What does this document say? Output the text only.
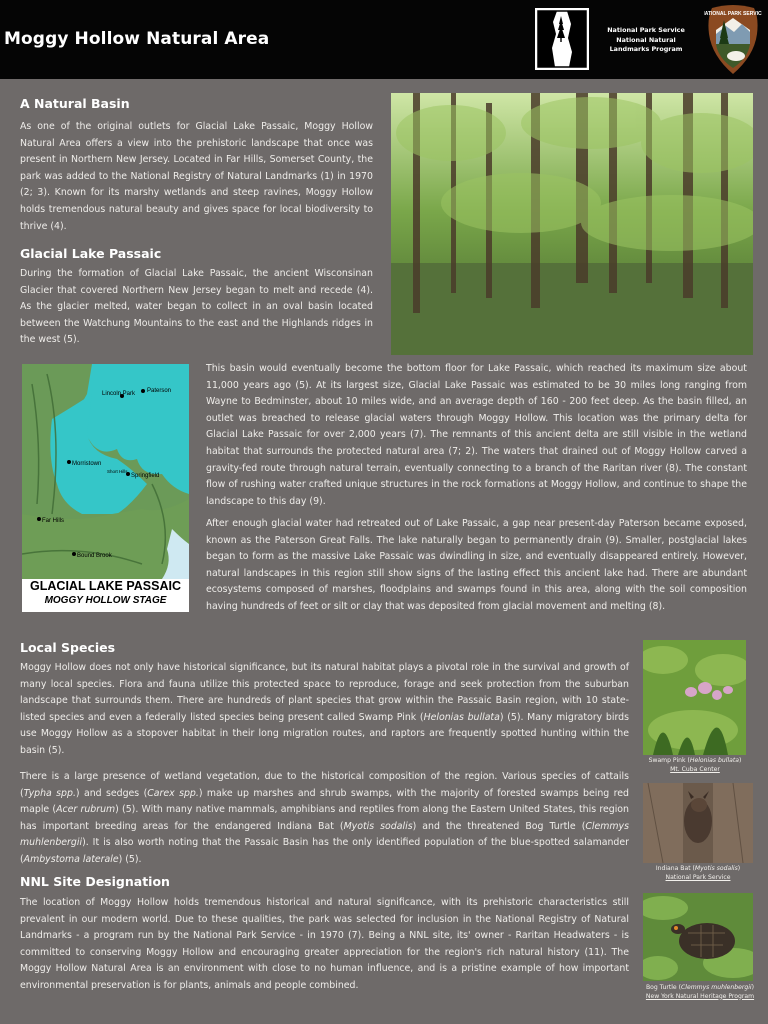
Moggy Hollow Natural Area	National Park Service
National Natural
Landmarks Program
NATIONAL PARK SERVICE
A Natural Basin

As one of the original outlets for Glacial Lake Passaic, Moggy Hollow Natural Area offers a view into the prehistoric landscape that once was present in Northern New Jersey. Located in Far Hills, Somerset County, the park was added to the National Registry of Natural Landmarks (1) in 1970 (2; 3). Known for its marshy wetlands and steep ravines, Moggy Hollow holds tremendous natural beauty and gives space for local biodiversity to thrive (4).

Glacial Lake Passaic

During the formation of Glacial Lake Passaic, the ancient Wisconsinan Glacier that covered Northern New Jersey began to melt and recede (4). As the glacier melted, water began to collect in an oval basin located between the Watchung Mountains to the east and the Highlands ridges in the west (5).

Paterson
Lincoln Park
Morristown
Springfield
Far Hills
Bound Brook
Short Hills
GLACIAL LAKE PASSAIC
MOGGY HOLLOW STAGE

This basin would eventually become the bottom floor for Lake Passaic, which reached its maximum size about 11,000 years ago (5). At its largest size, Glacial Lake Passaic was estimated to be 30 miles long ranging from Wayne to Bedminster, about 10 miles wide, and an average depth of 160 - 200 feet deep. As the basin filled, an outlet was breached to release glacial waters through Moggy Hollow. This location was the primary delta for Glacial Lake Passaic for over 2,000 years (7). The remnants of this ancient delta are still visible in the wetland habitat that surrounds the protected natural area (7; 2). The waters that drained out of Moggy Hollow carved a gravity-fed route through natural terrain, eventually connecting to a branch of the Raritan river (8). The constant flow of rushing water crafted unique structures in the rock formations at Moggy Hollow, and continue to shape the landscape to this day (9).

After enough glacial water had retreated out of Lake Passaic, a gap near present-day Paterson became exposed, known as the Paterson Great Falls. The lake naturally began to permanently drain (9). Smaller, postglacial lakes began to form as the massive Lake Passaic was dwindling in size, and eventually disappeared entirely. However, natural landscapes in this region still show signs of the lasting effect this ancient lake had. There are abundant ecosystems composed of marshes, floodplains and swamps found in this area, along with the soil composition having hundreds of feet or silt or clay that was deposited from glacial movement and melting (8).

Local Species

Moggy Hollow does not only have historical significance, but its natural habitat plays a pivotal role in the survival and growth of many local species. Flora and fauna utilize this protected space to reproduce, forage and seek protection from the suburban landscape that surrounds them. There are hundreds of plant species that grow within the Passaic Basin region, with 10 state-listed species and even a federally listed species being present called Swamp Pink (Helonias bullata) (5). Many migratory birds use Moggy Hollow as a stopover habitat in their long migration routes, and raptors are frequently spotted hunting within the basin (5).

There is a large presence of wetland vegetation, due to the historical composition of the region. Various species of cattails (Typha spp.) and sedges (Carex spp.) make up marshes and shrub swamps, with the majority of forested swamps being red maple (Acer rubrum) (5). With many native mammals, amphibians and reptiles from along the Eastern United States, this region has important breeding areas for the endangered Indiana Bat (Myotis sodalis) and the threatened Bog Turtle (Clemmys muhlenbergii). It is also worth noting that the Passaic Basin has the only identified population of the blue-spotted salamander (Ambystoma laterale) (5).

Swamp Pink (Helonias bullata)
Mt. Cuba Center
Indiana Bat (Myotis sodalis)
National Park Service
NNL Site Designation

The location of Moggy Hollow holds tremendous historical and natural significance, with its prehistoric characteristics still prevalent in our modern world. Due to these qualities, the park was selected for inclusion in the National Registry of Natural Landmarks - a program run by the National Park Service - in 1970 (7). Being a NNL site, its' owner - Raritan Headwaters - is committed to conserving Moggy Hollow and encouraging greater appreciation for the region's rich natural history (11). The Moggy Hollow Natural Area is an environment with close to no human influence, and is a pristine example of how important environmental preservation is for plants, animals and people combined.	Bog Turtle (Clemmys muhlenbergii)
New York Natural Heritage Program
